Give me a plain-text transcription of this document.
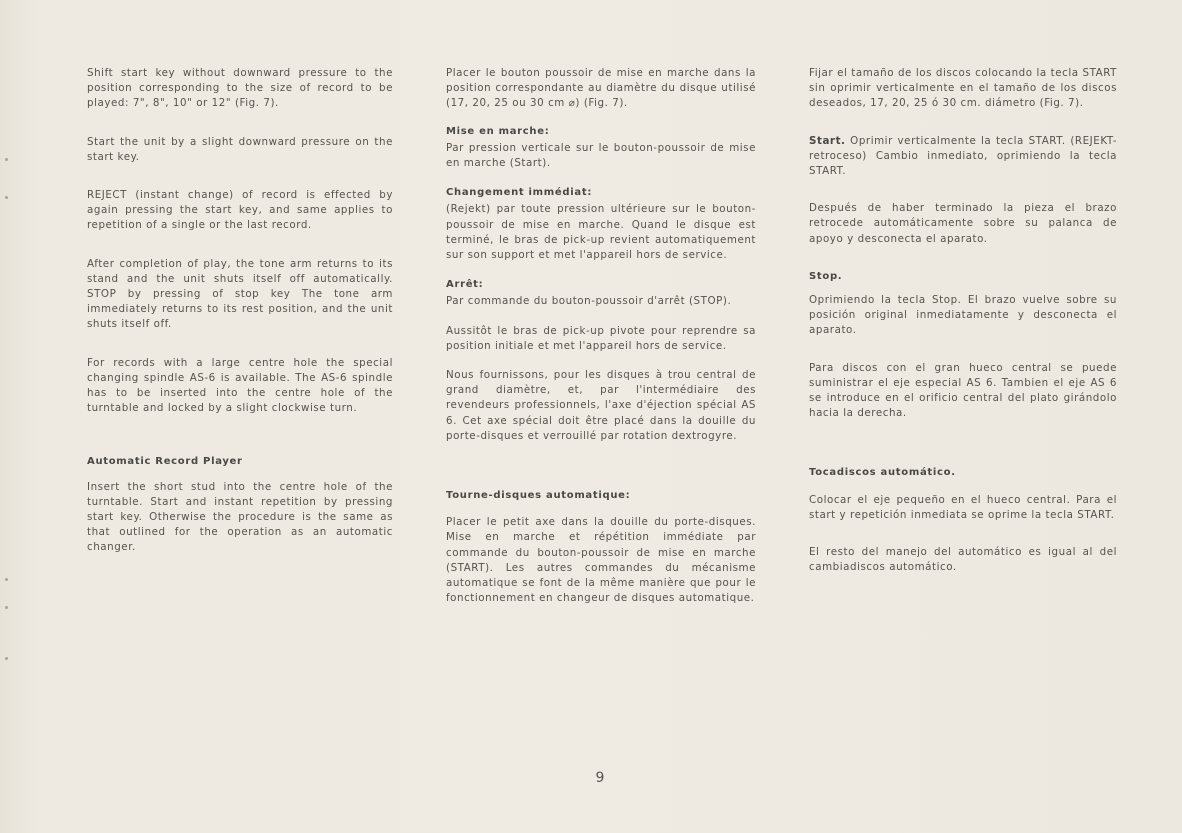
Shift start key without downward pressure to the position corresponding to the size of record to be played: 7", 8", 10" or 12" (Fig. 7).

Start the unit by a slight downward pressure on the start key.

REJECT (instant change) of record is effected by again pressing the start key, and same applies to repetition of a single or the last record.

After completion of play, the tone arm returns to its stand and the unit shuts itself off automatically. STOP by pressing of stop key The tone arm immediately returns to its rest position, and the unit shuts itself off.

For records with a large centre hole the special changing spindle AS-6 is available. The AS-6 spindle has to be inserted into the centre hole of the turntable and locked by a slight clockwise turn.

Automatic Record Player

Insert the short stud into the centre hole of the turntable. Start and instant repetition by pressing start key. Otherwise the procedure is the same as that outlined for the operation as an automatic changer.

Placer le bouton poussoir de mise en marche dans la position correspondante au diamètre du disque utilisé (17, 20, 25 ou 30 cm ⌀) (Fig. 7).

Mise en marche:

Par pression verticale sur le bouton-poussoir de mise en marche (Start).

Changement immédiat:

(Rejekt) par toute pression ultérieure sur le bouton-poussoir de mise en marche. Quand le disque est terminé, le bras de pick-up revient automatiquement sur son support et met l'appareil hors de service.

Arrêt:

Par commande du bouton-poussoir d'arrêt (STOP).

Aussitôt le bras de pick-up pivote pour reprendre sa position initiale et met l'appareil hors de service.

Nous fournissons, pour les disques à trou central de grand diamètre, et, par l'intermédiaire des revendeurs professionnels, l'axe d'éjection spécial AS 6. Cet axe spécial doit être placé dans la douille du porte-disques et verrouillé par rotation dextrogyre.

Tourne-disques automatique:

Placer le petit axe dans la douille du porte-disques. Mise en marche et répétition immédiate par commande du bouton-poussoir de mise en marche (START). Les autres commandes du mécanisme automatique se font de la même manière que pour le fonctionnement en changeur de disques automatique.

Fijar el tamaño de los discos colocando la tecla START sin oprimir verticalmente en el tamaño de los discos deseados, 17, 20, 25 ó 30 cm. diámetro (Fig. 7).

Start. Oprimir verticalmente la tecla START. (REJEKT-retroceso) Cambio inmediato, oprimiendo la tecla START.

Después de haber terminado la pieza el brazo retrocede automáticamente sobre su palanca de apoyo y desconecta el aparato.

Stop.

Oprimiendo la tecla Stop. El brazo vuelve sobre su posición original inmediatamente y desconecta el aparato.

Para discos con el gran hueco central se puede suministrar el eje especial AS 6. Tambien el eje AS 6 se introduce en el orificio central del plato girándolo hacia la derecha.

Tocadiscos automático.

Colocar el eje pequeño en el hueco central. Para el start y repetición inmediata se oprime la tecla START.

El resto del manejo del automático es igual al del cambiadiscos automático.

9
